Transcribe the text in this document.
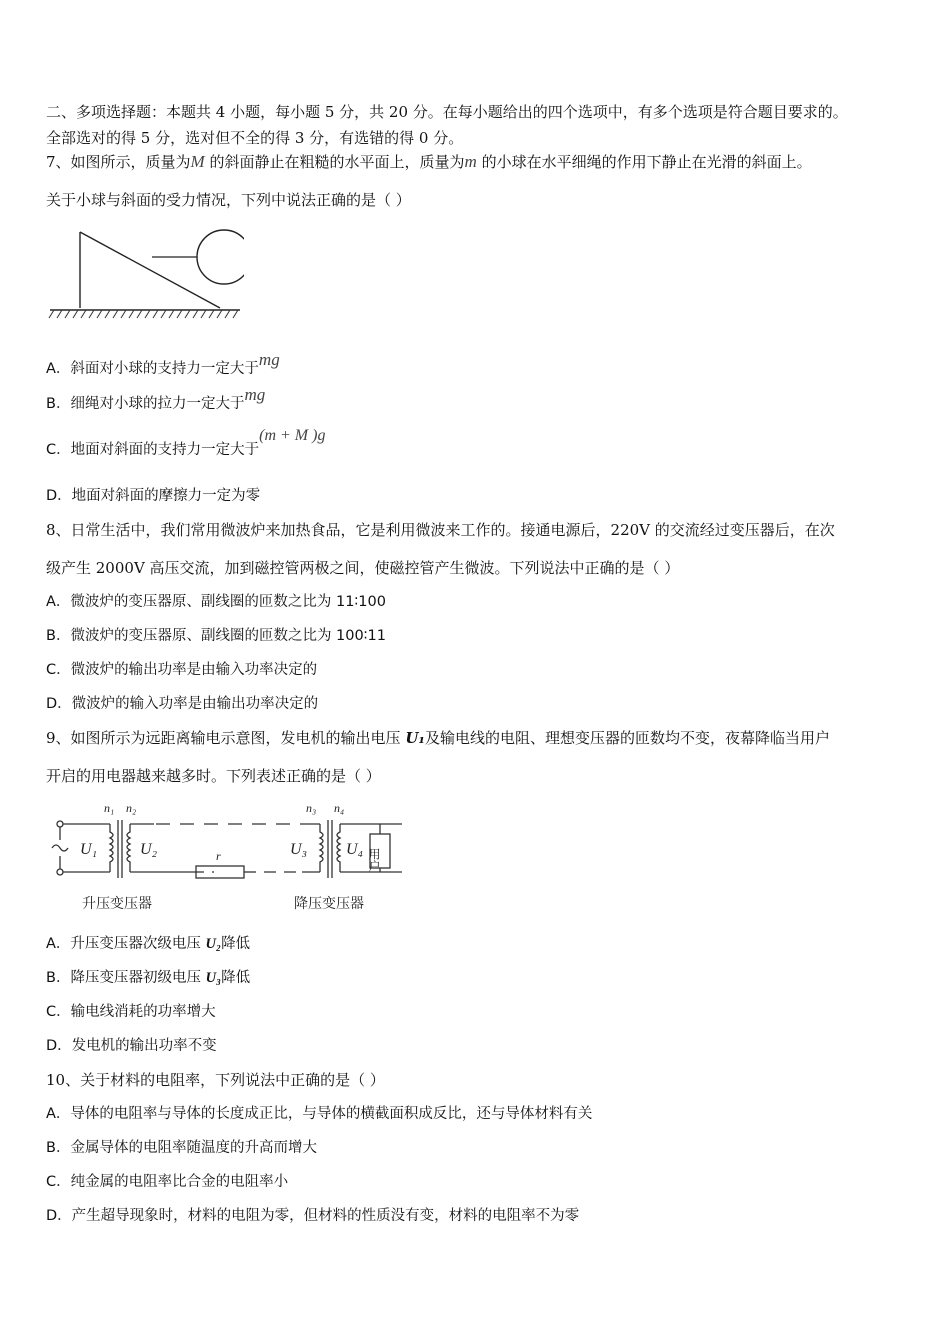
二、多项选择题：本题共 4 小题，每小题 5 分，共 20 分。在每小题给出的四个选项中，有多个选项是符合题目要求的。
全部选对的得 5 分，选对但不全的得 3 分，有选错的得 0 分。
7、如图所示，质量为M 的斜面静止在粗糙的水平面上，质量为m 的小球在水平细绳的作用下静止在光滑的斜面上。
关于小球与斜面的受力情况，下列中说法正确的是（ ）
A．斜面对小球的支持力一定大于mg
B．细绳对小球的拉力一定大于mg
C．地面对斜面的支持力一定大于(m + M )g
D．地面对斜面的摩擦力一定为零
8、日常生活中，我们常用微波炉来加热食品，它是利用微波来工作的。接通电源后，220V 的交流经过变压器后，在次
级产生 2000V 高压交流，加到磁控管两极之间，使磁控管产生微波。下列说法中正确的是（ ）
A．微波炉的变压器原、副线圈的匝数之比为 11∶100
B．微波炉的变压器原、副线圈的匝数之比为 100∶11
C．微波炉的输出功率是由输入功率决定的
D．微波炉的输入功率是由输出功率决定的
9、如图所示为远距离输电示意图，发电机的输出电压 U₁及输电线的电阻、理想变压器的匝数均不变，夜幕降临当用户
开启的用电器越来越多时。下列表述正确的是（ ）
n₁ n₂	n₃ n₄
U₁	U₂	U₃ U₄
r	用户
升压变压器	降压变压器
A．升压变压器次级电压 U₂降低
B．降压变压器初级电压 U₃降低
C．输电线消耗的功率增大
D．发电机的输出功率不变
10、关于材料的电阻率，下列说法中正确的是（ ）
A．导体的电阻率与导体的长度成正比，与导体的横截面积成反比，还与导体材料有关
B．金属导体的电阻率随温度的升高而增大
C．纯金属的电阻率比合金的电阻率小
D．产生超导现象时，材料的电阻为零，但材料的性质没有变，材料的电阻率不为零
